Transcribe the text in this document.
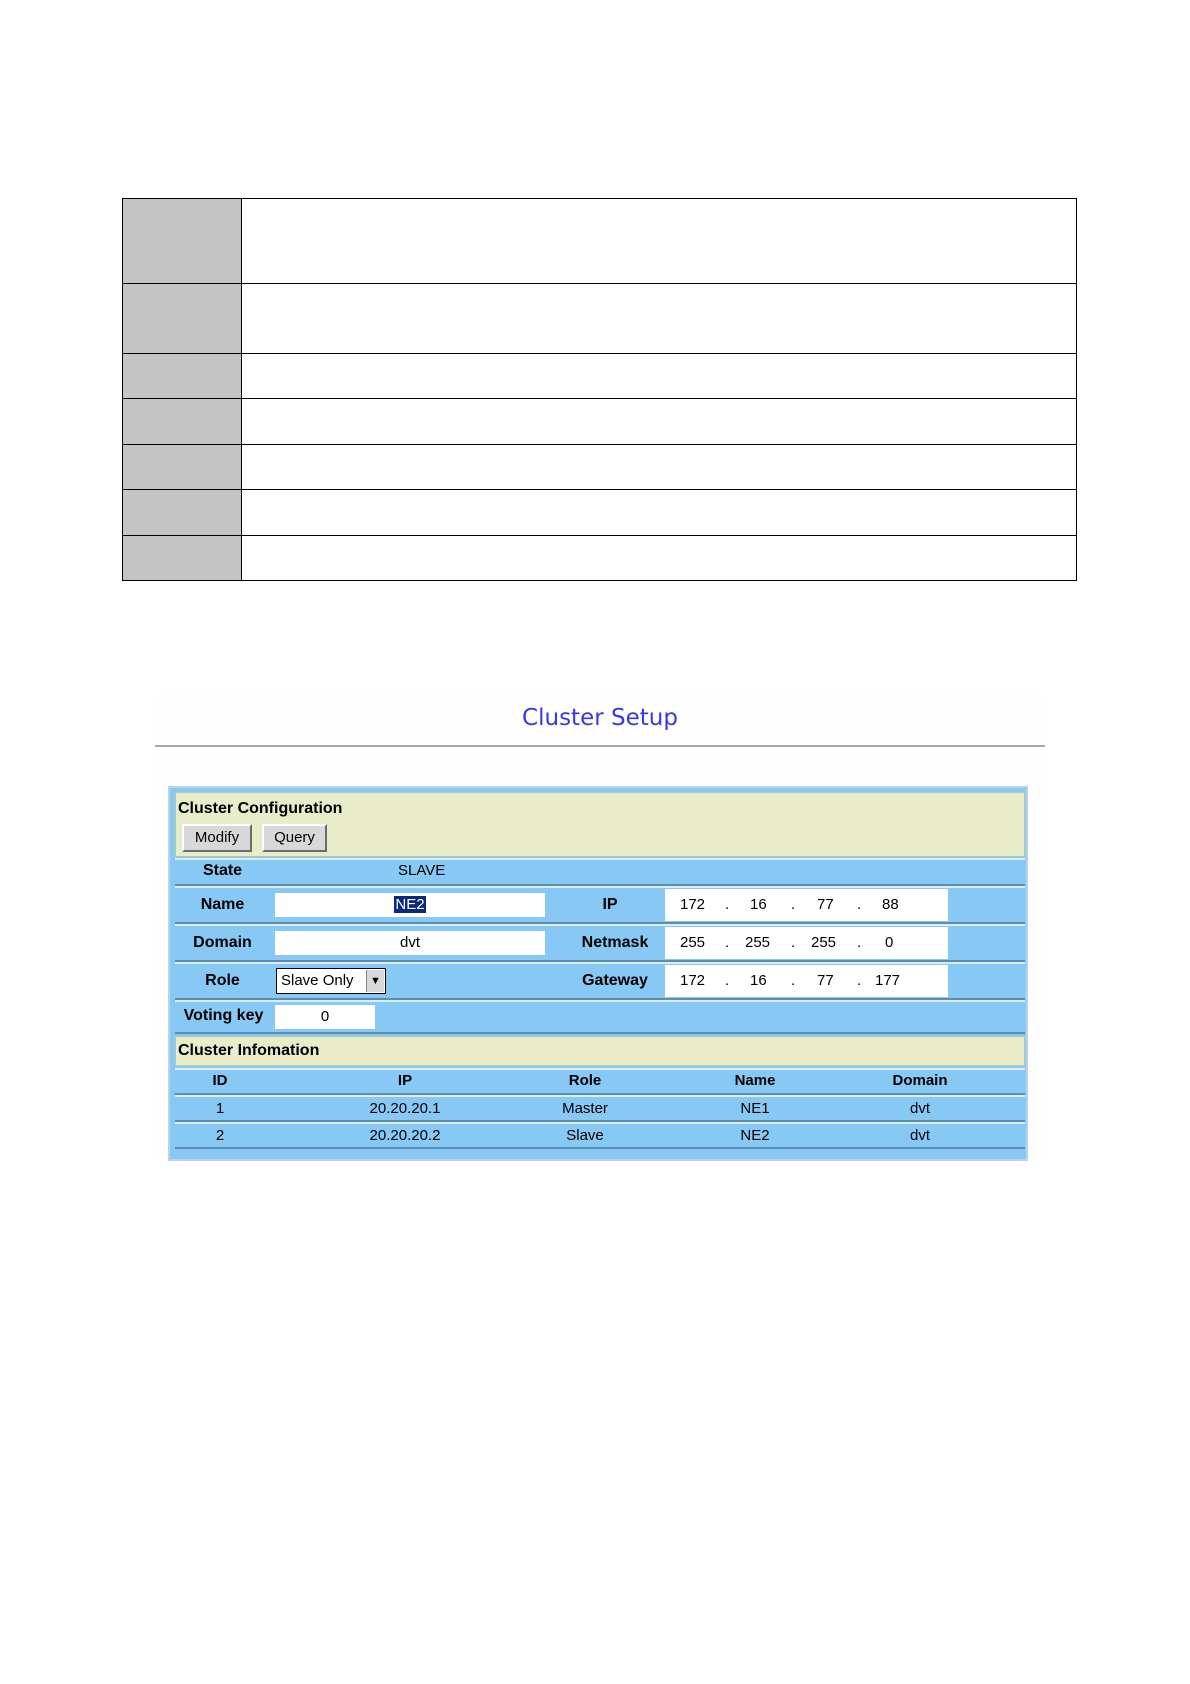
Cluster Setup
Cluster Configuration
Modify	Query
State	SLAVE
Name	NE2	IP	172 . 16 . 77 . 88
Domain	dvt	Netmask	255 . 255 . 255 . 0
Role	Slave Only	▼	Gateway	172 . 16 . 77 . 177
Voting key	0
Cluster Infomation
ID	IP	Role	Name	Domain
1	20.20.20.1	Master	NE1	dvt
2	20.20.20.2	Slave	NE2	dvt
